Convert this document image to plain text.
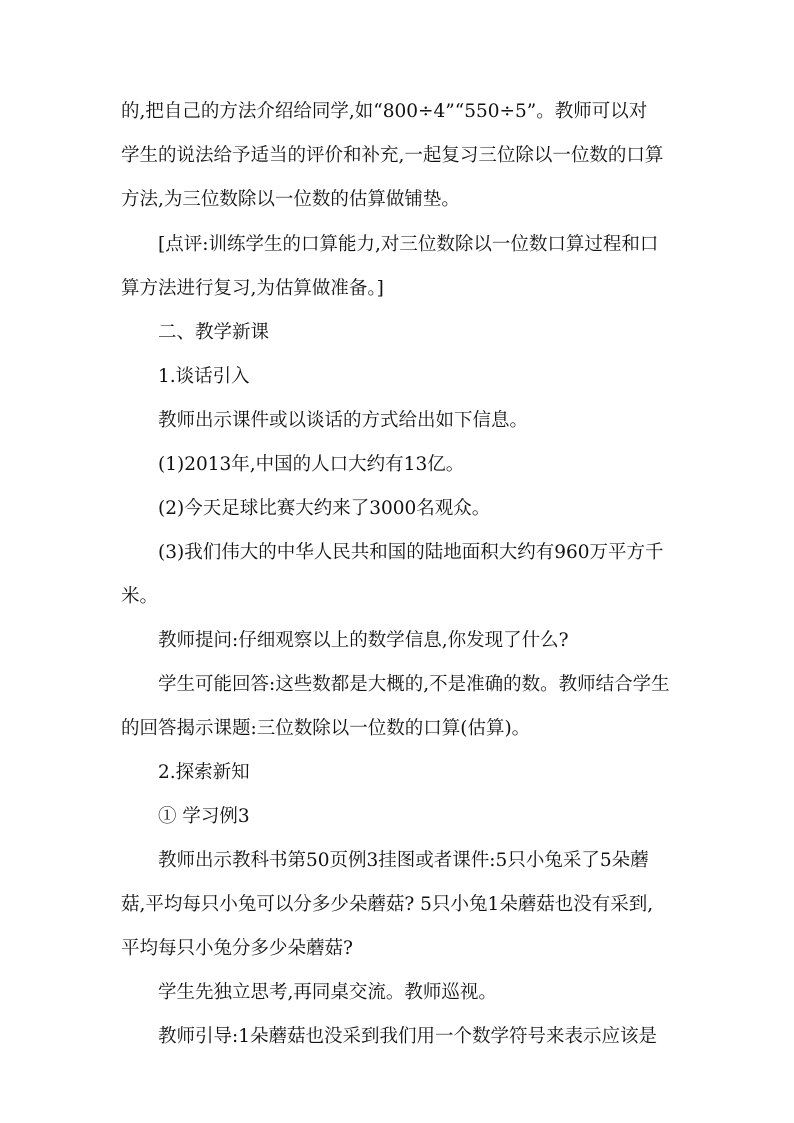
的,把自己的方法介绍给同学,如“800÷4”“550÷5”。教师可以对
学生的说法给予适当的评价和补充,一起复习三位除以一位数的口算
方法,为三位数除以一位数的估算做铺垫。
[点评:训练学生的口算能力,对三位数除以一位数口算过程和口
算方法进行复习,为估算做准备。]
二、教学新课
1.谈话引入
教师出示课件或以谈话的方式给出如下信息。
(1)2013年,中国的人口大约有13亿。
(2)今天足球比赛大约来了3000名观众。
(3)我们伟大的中华人民共和国的陆地面积大约有960万平方千
米。
教师提问:仔细观察以上的数学信息,你发现了什么?
学生可能回答:这些数都是大概的,不是准确的数。教师结合学生
的回答揭示课题:三位数除以一位数的口算(估算)。
2.探索新知
① 学习例3
教师出示教科书第50页例3挂图或者课件:5只小兔采了5朵蘑
菇,平均每只小兔可以分多少朵蘑菇? 5只小兔1朵蘑菇也没有采到,
平均每只小兔分多少朵蘑菇?
学生先独立思考,再同桌交流。教师巡视。
教师引导:1朵蘑菇也没采到我们用一个数学符号来表示应该是
